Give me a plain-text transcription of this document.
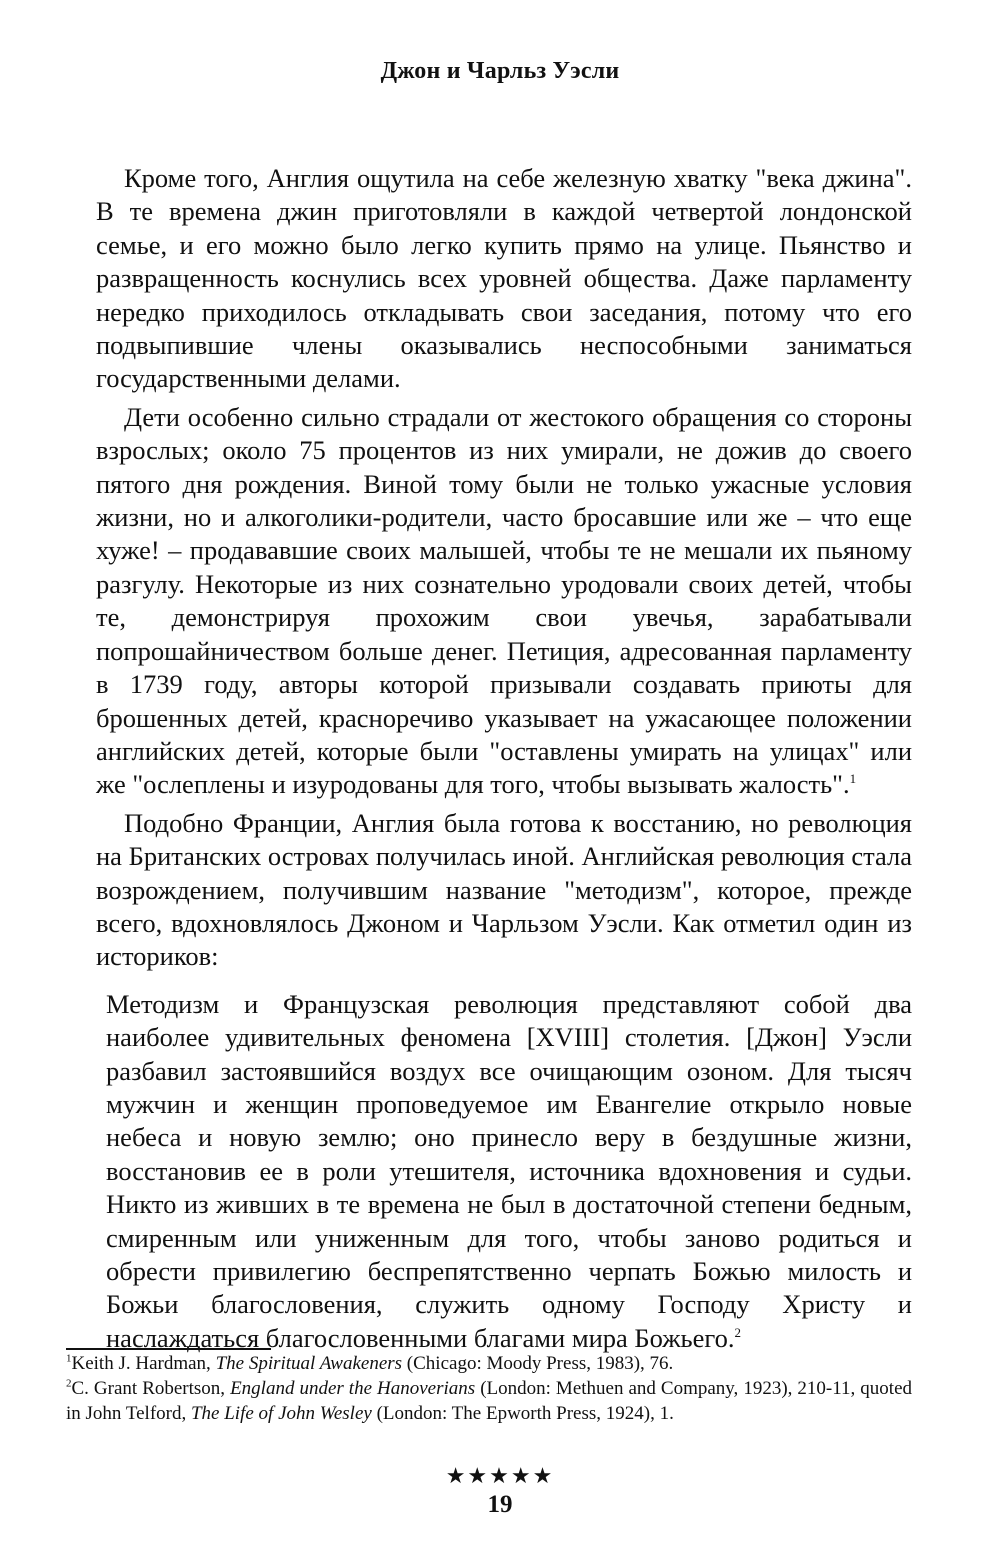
Джон и Чарльз Уэсли

Кроме того, Англия ощутила на себе железную хватку "века джина". В те времена джин приготовляли в каждой четвертой лондонской семье, и его можно было легко купить прямо на улице. Пьянство и развращенность коснулись всех уровней общества. Даже парламенту нередко приходилось откладывать свои заседания, потому что его подвыпившие члены оказывались неспособными заниматься государственными делами.

Дети особенно сильно страдали от жестокого обращения со стороны взрослых; около 75 процентов из них умирали, не дожив до своего пятого дня рождения. Виной тому были не только ужасные условия жизни, но и алкоголики-родители, часто бросавшие или же – что еще хуже! – продававшие своих малышей, чтобы те не мешали их пьяному разгулу. Некоторые из них сознательно уродовали своих детей, чтобы те, демонстрируя прохожим свои увечья, зарабатывали попрошайничеством больше денег. Петиция, адресованная парламенту в 1739 году, авторы которой призывали создавать приюты для брошенных детей, красноречиво указывает на ужасающее положении английских детей, которые были "оставлены умирать на улицах" или же "ослеплены и изуродованы для того, чтобы вызывать жалость".$^1$

Подобно Франции, Англия была готова к восстанию, но революция на Британских островах получилась иной. Английская революция стала возрождением, получившим название "методизм", которое, прежде всего, вдохновлялось Джоном и Чарльзом Уэсли. Как отметил один из историков:

Методизм и Французская революция представляют собой два наиболее удивительных феномена [XVIII] столетия. [Джон] Уэсли разбавил застоявшийся воздух все очищающим озоном. Для тысяч мужчин и женщин проповедуемое им Евангелие открыло новые небеса и новую землю; оно принесло веру в бездушные жизни, восстановив ее в роли утешителя, источника вдохновения и судьи. Никто из живших в те времена не был в достаточной степени бедным, смиренным или униженным для того, чтобы заново родиться и обрести привилегию беспрепятственно черпать Божью милость и Божьи благословения, служить одному Господу Христу и наслаждаться благословенными благами мира Божьего.$^2$

$^1$Keith J. Hardman, The Spiritual Awakeners (Chicago: Moody Press, 1983), 76.

$^2$C. Grant Robertson, England under the Hanoverians (London: Methuen and Company, 1923), 210-11, quoted in John Telford, The Life of John Wesley (London: The Epworth Press, 1924), 1.

★★★★★
19
